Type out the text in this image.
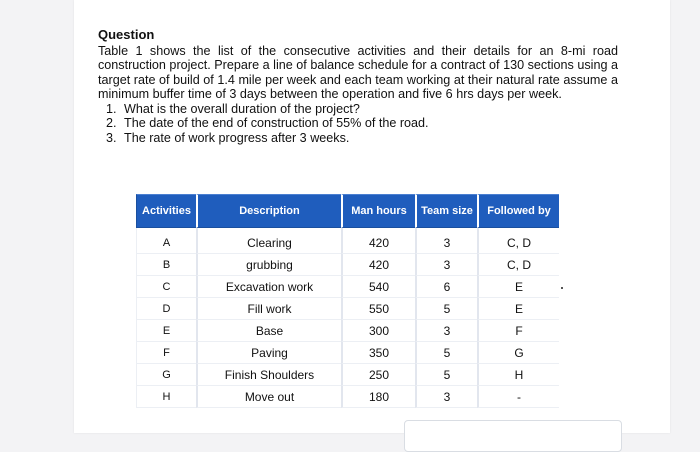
Question

Table 1 shows the list of the consecutive activities and their details for an 8-mi road construction project. Prepare a line of balance schedule for a contract of 130 sections using a target rate of build of 1.4 mile per week and each team working at their natural rate assume a minimum buffer time of 3 days between the operation and five 6 hrs days per week.

1. What is the overall duration of the project?
2. The date of the end of construction of 55% of the road.
3. The rate of work progress after 3 weeks.
Activities	Description	Man hours	Team size	Followed by	
A	Clearing	420	3	C, D	
B	grubbing	420	3	C, D	
C	Excavation work	540	6	E	
D	Fill work	550	5	E	
E	Base	300	3	F	
F	Paving	350	5	G	
G	Finish Shoulders	250	5	H	
H	Move out	180	3	-	
